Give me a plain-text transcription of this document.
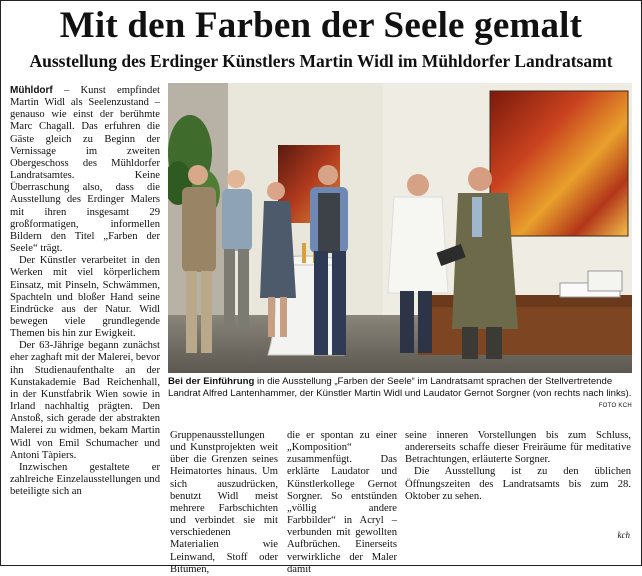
Mit den Farben der Seele gemalt
Ausstellung des Erdinger Künstlers Martin Widl im Mühldorfer Landratsamt

Mühldorf – Kunst empfindet Martin Widl als Seelenzustand – genauso wie einst der berühmte Marc Chagall. Das erfuhren die Gäste gleich zu Beginn der Vernissage im zweiten Obergeschoss des Mühldorfer Landratsamtes. Keine Überraschung also, dass die Ausstellung des Erdinger Malers mit ihren insgesamt 29 großformatigen, informellen Bildern den Titel „Farben der Seele“ trägt.

Der Künstler verarbeitet in den Werken mit viel körperlichem Einsatz, mit Pinseln, Schwämmen, Spachteln und bloßer Hand seine Eindrücke aus der Natur. Widl bewegen viele grundlegende Themen bis hin zur Ewigkeit.

Der 63-Jährige begann zunächst eher zaghaft mit der Malerei, bevor ihn Studienaufenthalte an der Kunstakademie Bad Reichenhall, in der Kunstfabrik Wien sowie in Irland nachhaltig prägten. Den Anstoß, sich gerade der abstrakten Malerei zu widmen, bekam Martin Widl von Emil Schumacher und Antoni Tàpiers.

Inzwischen gestaltete er zahlreiche Einzelausstellungen und beteiligte sich an

Bei der Einführung in die Ausstellung „Farben der Seele“ im Landratsamt sprachen der Stellvertretende Landrat Alfred Lantenhammer, der Künstler Martin Widl und Laudator Gernot Sorgner (von rechts nach links).
FOTO KCH

Gruppenausstellungen und Kunstprojekten weit über die Grenzen seines Heimatortes hinaus. Um sich auszudrücken, benutzt Widl meist mehrere Farbschichten und verbindet sie mit verschiedenen Materialien wie Leinwand, Stoff oder Bitumen,

die er spontan zu einer „Komposition“ zusammenfügt. Das erklärte Laudator und Künstlerkollege Gernot Sorgner. So entstünden „völlig andere Farbbilder“ in Acryl – verbunden mit gewollten Aufbrüchen. Einerseits verwirkliche der Maler damit

seine inneren Vorstellungen bis zum Schluss, andererseits schaffe dieser Freiräume für meditative Betrachtungen, erläuterte Sorgner.

Die Ausstellung ist zu den üblichen Öffnungszeiten des Landratsamts bis zum 28. Oktober zu sehen.

kch
